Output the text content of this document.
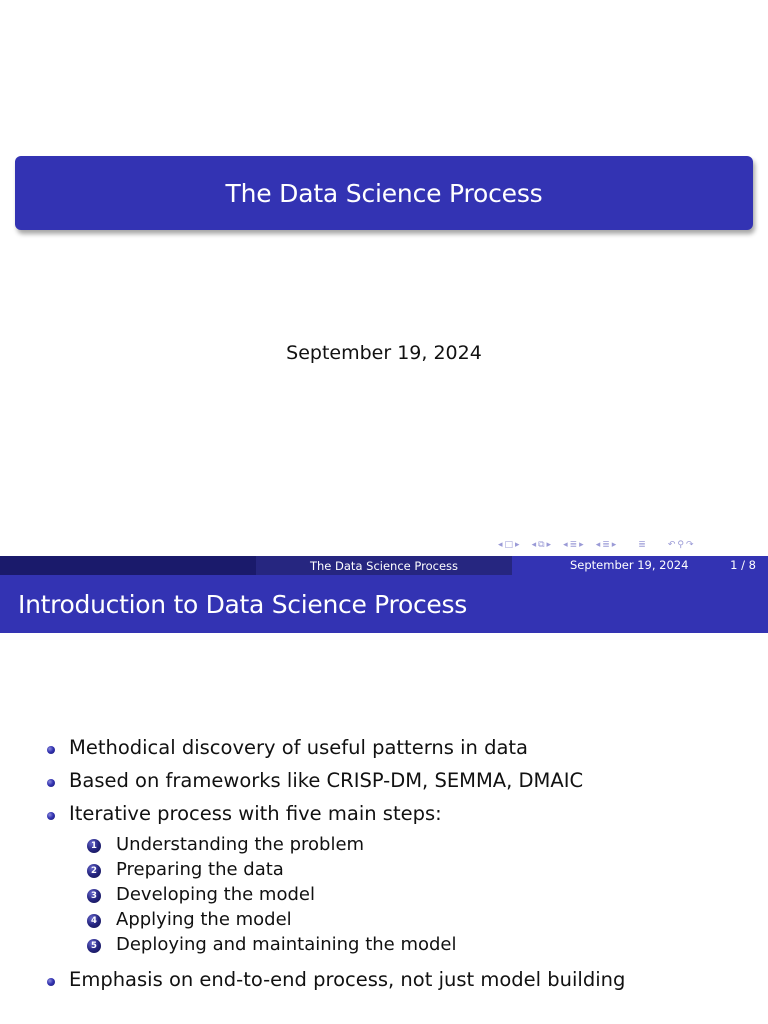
The Data Science Process
September 19, 2024
◂ □ ▸ ◂ ⧉ ▸ ◂ ≣ ▸ ◂ ≣ ▸ ≣ ↶ ⚲ ↷
The Data Science Process	September 19, 2024	1 / 8
Introduction to Data Science Process
Methodical discovery of useful patterns in data
Based on frameworks like CRISP-DM, SEMMA, DMAIC
Iterative process with five main steps:
1 Understanding the problem
2 Preparing the data
3 Developing the model
4 Applying the model
5 Deploying and maintaining the model
Emphasis on end-to-end process, not just model building
